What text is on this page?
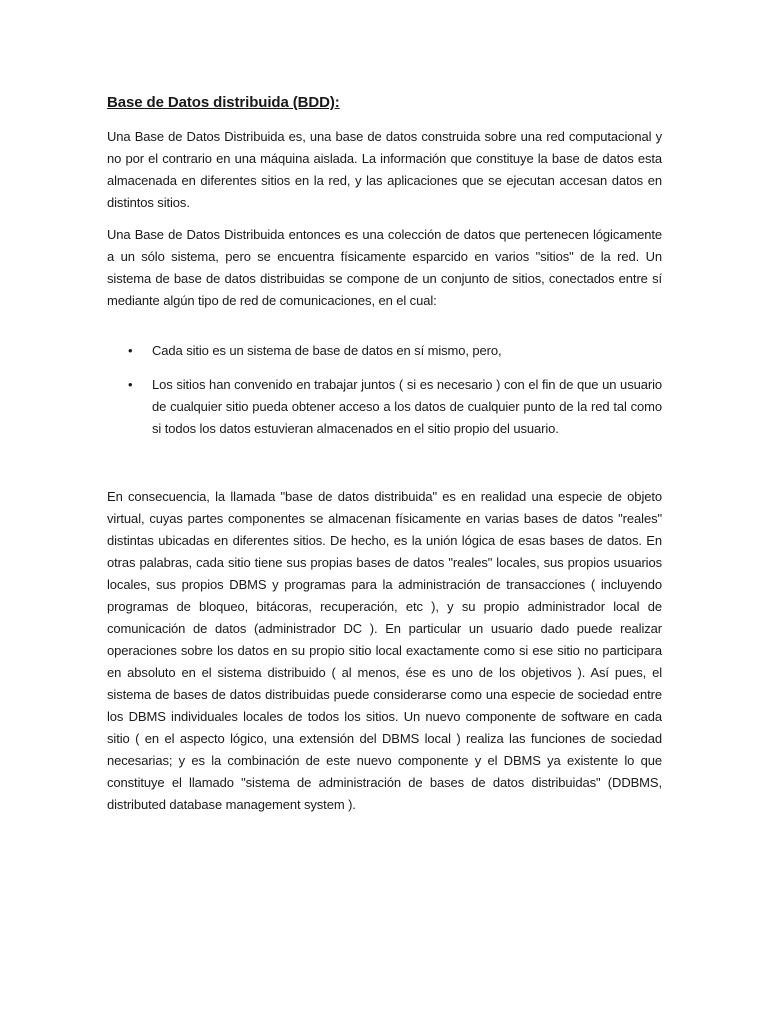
Base de Datos distribuida (BDD):

Una Base de Datos Distribuida es, una base de datos construida sobre una red computacional y no por el contrario en una máquina aislada. La información que constituye la base de datos esta almacenada en diferentes sitios en la red, y las aplicaciones que se ejecutan accesan datos en distintos sitios.

Una Base de Datos Distribuida entonces es una colección de datos que pertenecen lógicamente a un sólo sistema, pero se encuentra físicamente esparcido en varios "sitios" de la red. Un sistema de base de datos distribuidas se compone de un conjunto de sitios, conectados entre sí mediante algún tipo de red de comunicaciones, en el cual:

• Cada sitio es un sistema de base de datos en sí mismo, pero,
• Los sitios han convenido en trabajar juntos ( si es necesario ) con el fin de que un usuario de cualquier sitio pueda obtener acceso a los datos de cualquier punto de la red tal como si todos los datos estuvieran almacenados en el sitio propio del usuario.

En consecuencia, la llamada "base de datos distribuida" es en realidad una especie de objeto virtual, cuyas partes componentes se almacenan físicamente en varias bases de datos "reales" distintas ubicadas en diferentes sitios. De hecho, es la unión lógica de esas bases de datos. En otras palabras, cada sitio tiene sus propias bases de datos "reales" locales, sus propios usuarios locales, sus propios DBMS y programas para la administración de transacciones ( incluyendo programas de bloqueo, bitácoras, recuperación, etc ), y su propio administrador local de comunicación de datos (administrador DC ). En particular un usuario dado puede realizar operaciones sobre los datos en su propio sitio local exactamente como si ese sitio no participara en absoluto en el sistema distribuido ( al menos, ése es uno de los objetivos ). Así pues, el sistema de bases de datos distribuidas puede considerarse como una especie de sociedad entre los DBMS individuales locales de todos los sitios. Un nuevo componente de software en cada sitio ( en el aspecto lógico, una extensión del DBMS local ) realiza las funciones de sociedad necesarias; y es la combinación de este nuevo componente y el DBMS ya existente lo que constituye el llamado "sistema de administración de bases de datos distribuidas" (DDBMS, distributed database management system ).
